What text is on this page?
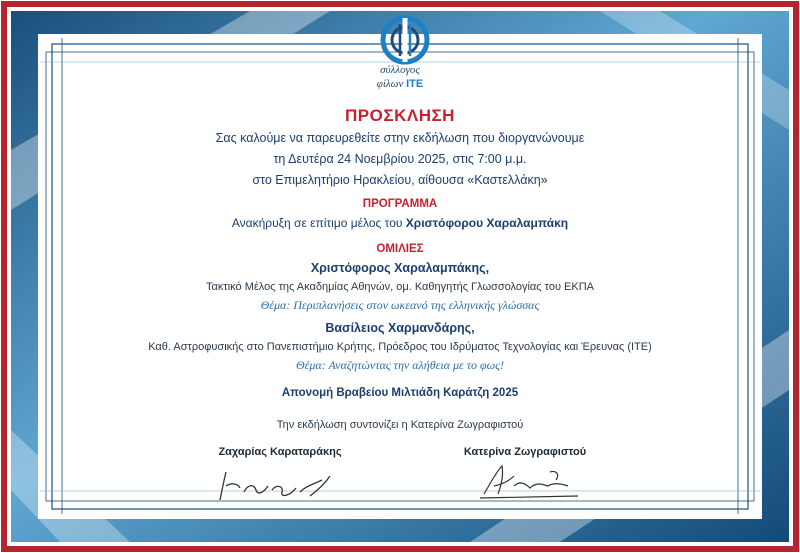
σύλλογος
φίλων ΙΤΕ
ΠΡΟΣΚΛΗΣΗ
Σας καλούμε να παρευρεθείτε στην εκδήλωση που διοργανώνουμε
τη Δευτέρα 24 Νοεμβρίου 2025, στις 7:00 μ.μ.
στο Επιμελητήριο Ηρακλείου, αίθουσα «Καστελλάκη»
ΠΡΟΓΡΑΜΜΑ
Ανακήρυξη σε επίτιμο μέλος του Χριστόφορου Χαραλαμπάκη
ΟΜΙΛΙΕΣ
Χριστόφορος Χαραλαμπάκης,
Τακτικό Μέλος της Ακαδημίας Αθηνών, ομ. Καθηγητής Γλωσσολογίας του ΕΚΠΑ
Θέμα: Περιπλανήσεις στον ωκεανό της ελληνικής γλώσσας
Βασίλειος Χαρμανδάρης,
Καθ. Αστροφυσικής στο Πανεπιστήμιο Κρήτης, Πρόεδρος του Ιδρύματος Τεχνολογίας και Έρευνας (ΙΤΕ)
Θέμα: Αναζητώντας την αλήθεια με το φως!
Απονομή Βραβείου Μιλτιάδη Καράτζη 2025
Την εκδήλωση συντονίζει η Κατερίνα Ζωγραφιστού
Ζαχαρίας Καραταράκης	Κατερίνα Ζωγραφιστού
